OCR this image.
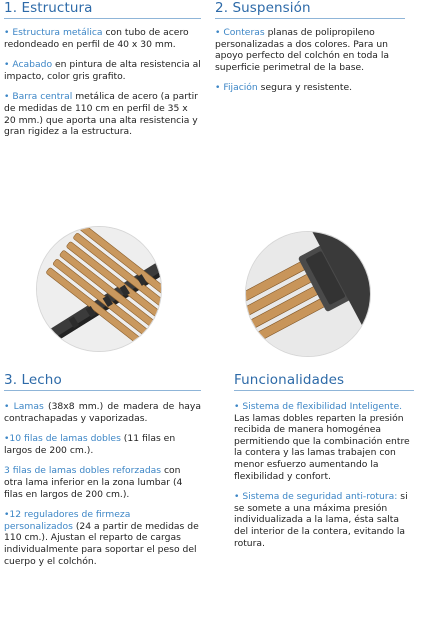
1. Estructura

• Estructura metálica con tubo de acero redondeado en perfil de 40 x 30 mm.

• Acabado en pintura de alta resistencia al impacto, color gris grafito.

• Barra central metálica de acero (a partir de medidas de 110 cm en perfil de 35 x 20 mm.) que aporta una alta resistencia y gran rigidez a la estructura.

2. Suspensión

• Conteras planas de polipropileno personalizadas a dos colores. Para un apoyo perfecto del colchón en toda la superficie perimetral de la base.

• Fijación segura y resistente.

3. Lecho

• Lamas (38x8 mm.) de madera de haya contrachapadas y vaporizadas.

•10 filas de lamas dobles (11 filas en largos de 200 cm.).

3 filas de lamas dobles reforzadas con otra lama inferior en la zona lumbar (4 filas en largos de 200 cm.).

•12 reguladores de firmeza personalizados (24 a partir de medidas de 110 cm.). Ajustan el reparto de cargas individualmente para soportar el peso del cuerpo y el colchón.

Funcionalidades

• Sistema de flexibilidad Inteligente. Las lamas dobles reparten la presión recibida de manera homogénea permitiendo que la combinación entre la contera y las lamas trabajen con menor esfuerzo aumentando la flexibilidad y confort.

• Sistema de seguridad anti-rotura: si se somete a una máxima presión individualizada a la lama, ésta salta del interior de la contera, evitando la rotura.
